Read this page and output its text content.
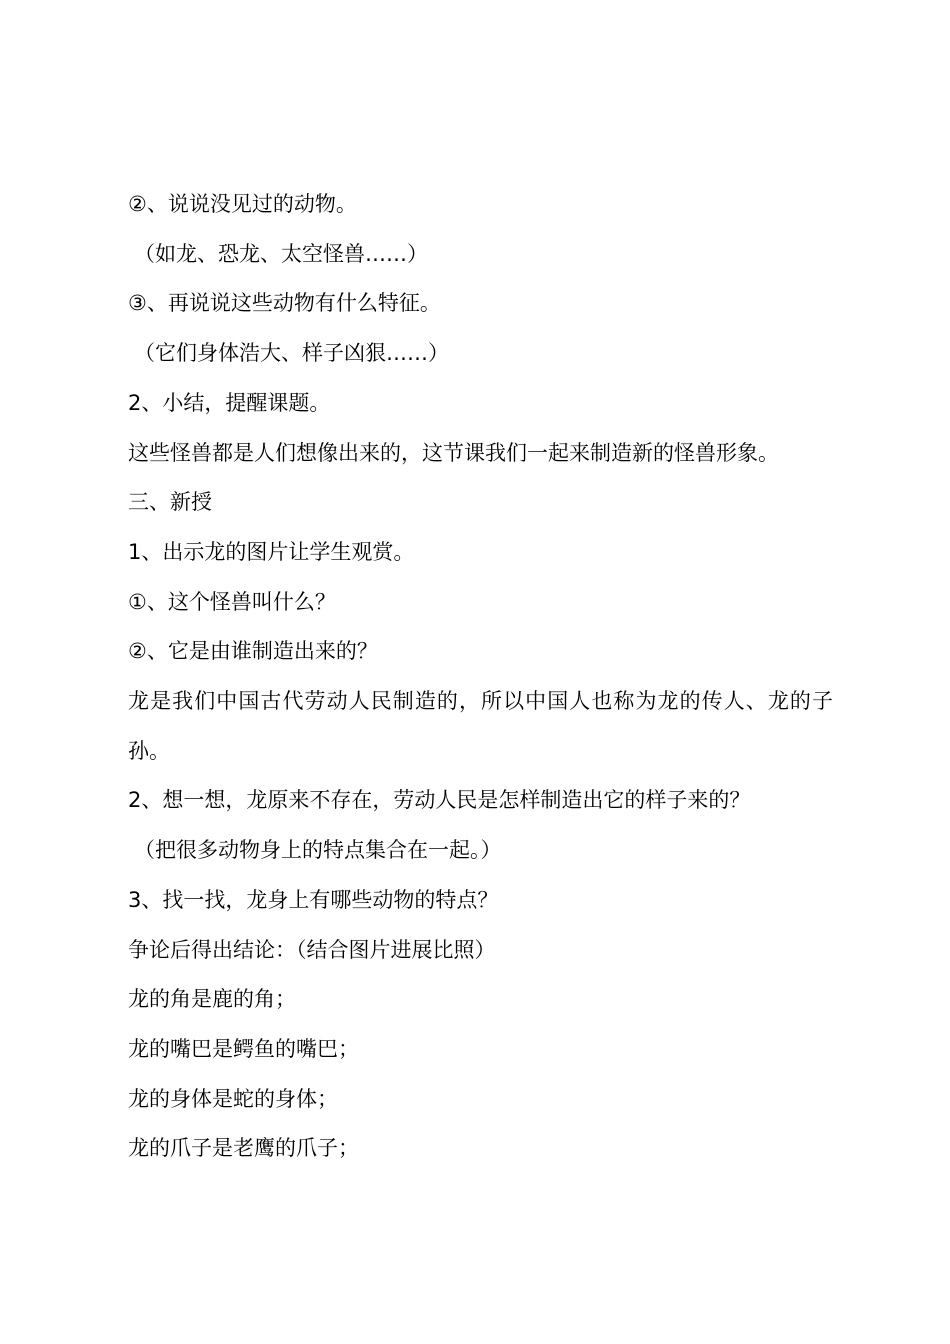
②、说说没见过的动物。
（如龙、恐龙、太空怪兽……）
③、再说说这些动物有什么特征。
（它们身体浩大、样子凶狠……）
2、小结，提醒课题。
这些怪兽都是人们想像出来的，这节课我们一起来制造新的怪兽形象。
三、新授
1、出示龙的图片让学生观赏。
①、这个怪兽叫什么？
②、它是由谁制造出来的？
龙是我们中国古代劳动人民制造的，所以中国人也称为龙的传人、龙的子孙。
2、想一想，龙原来不存在，劳动人民是怎样制造出它的样子来的？
（把很多动物身上的特点集合在一起。）
3、找一找，龙身上有哪些动物的特点？
争论后得出结论：（结合图片进展比照）
龙的角是鹿的角；
龙的嘴巴是鳄鱼的嘴巴；
龙的身体是蛇的身体；
龙的爪子是老鹰的爪子；
